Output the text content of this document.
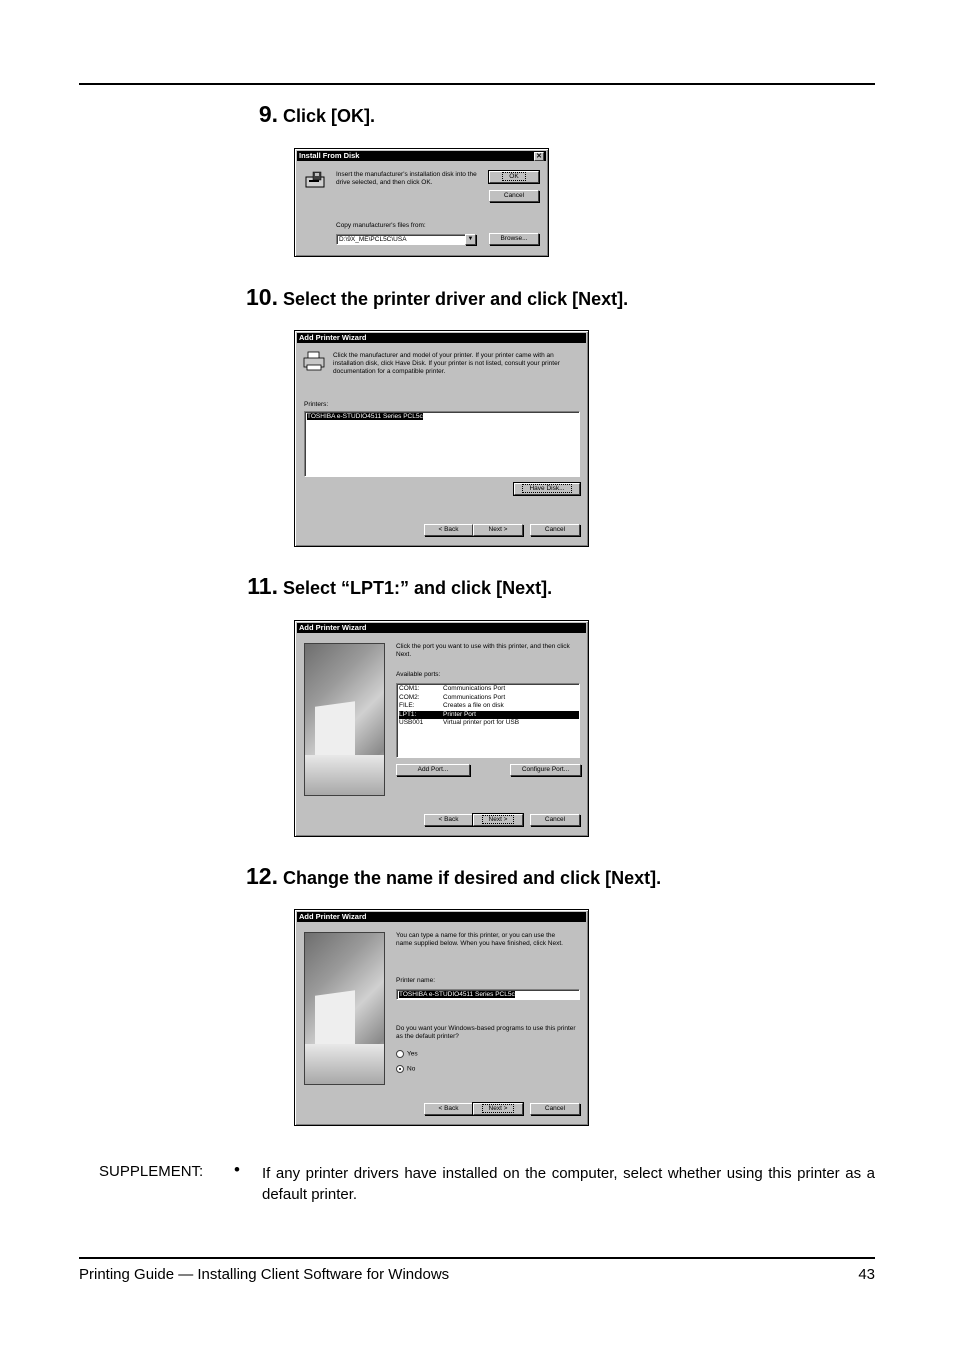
9. Click [OK].
Install From Disk	✕
Insert the manufacturer's installation disk into the drive selected, and then click OK.
OK
Cancel
Copy manufacturer's files from:
D:\9X_ME\PCL5C\USA	▼	Browse...
10. Select the printer driver and click [Next].
Add Printer Wizard
Click the manufacturer and model of your printer. If your printer came with an installation disk, click Have Disk. If your printer is not listed, consult your printer documentation for a compatible printer.
Printers:
TOSHIBA e-STUDIO4511 Series PCL5c
Have Disk...
< Back	Next >	Cancel
11. Select “LPT1:” and click [Next].
Add Printer Wizard
Click the port you want to use with this printer, and then click Next.
Available ports:
COM1:	Communications Port
COM2:	Communications Port
FILE:	Creates a file on disk
LPT1:	Printer Port
USB001	Virtual printer port for USB
Add Port...	Configure Port...
< Back	Next >	Cancel
12. Change the name if desired and click [Next].
Add Printer Wizard
You can type a name for this printer, or you can use the name supplied below. When you have finished, click Next.
Printer name:
TOSHIBA e-STUDIO4511 Series PCL5c
Do you want your Windows-based programs to use this printer as the default printer?
Yes
No
< Back	Next >	Cancel
SUPPLEMENT: • If any printer drivers have installed on the computer, select whether using this printer as a default printer.
Printing Guide — Installing Client Software for Windows	43
